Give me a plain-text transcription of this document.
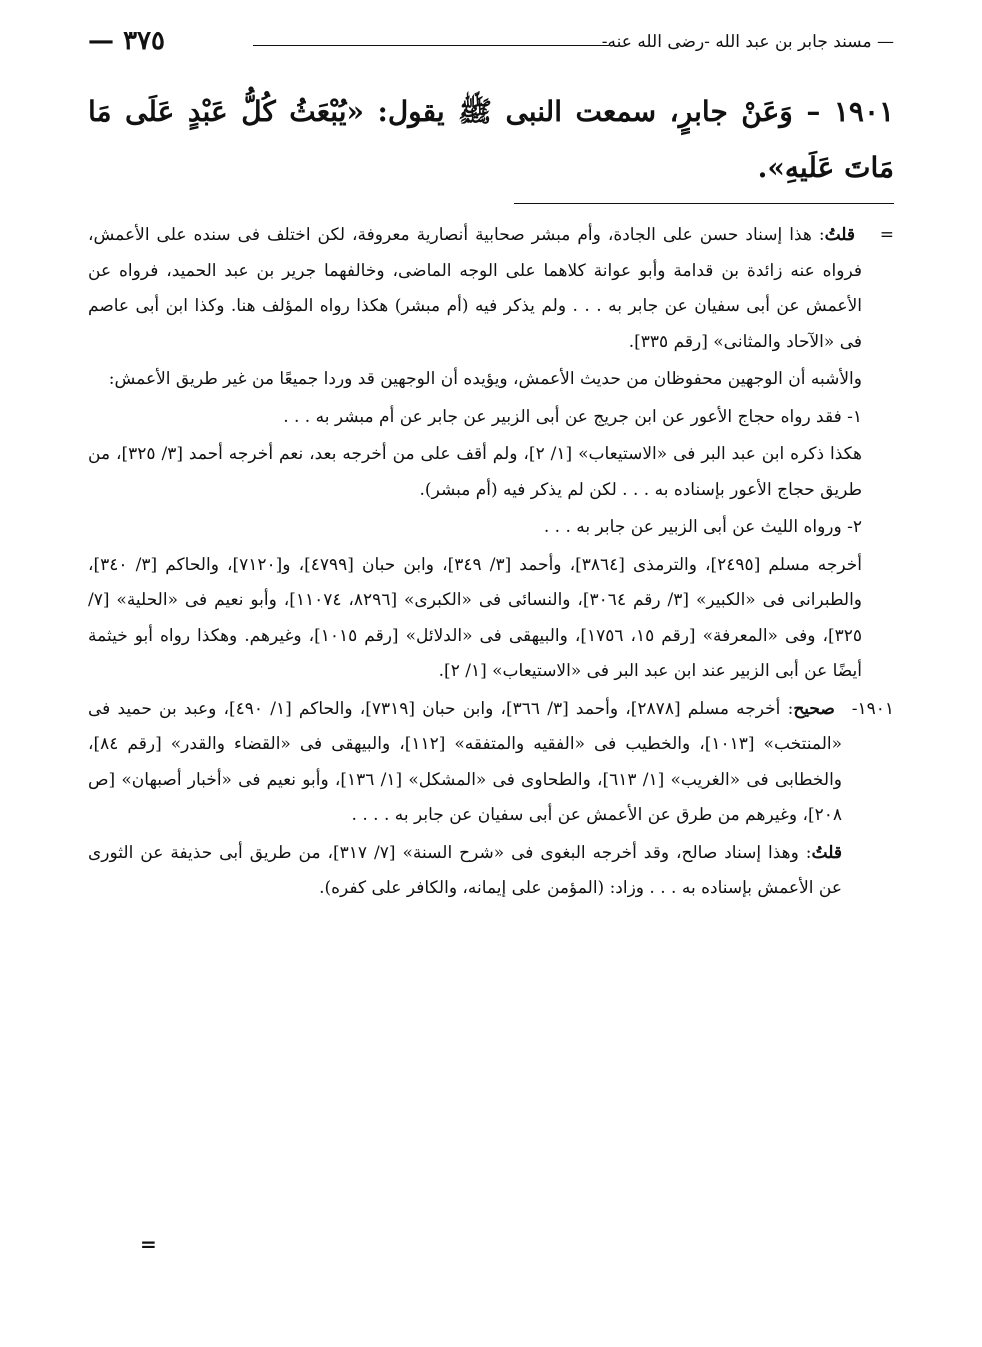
— مسند جابر بن عبد الله -رضى الله عنه-
٣٧٥ —
١٩٠١ – وَعَنْ جابرٍ، سمعت النبى ﷺ يقول: «يُبْعَثُ كُلُّ عَبْدٍ عَلَى مَا مَاتَ عَلَيهِ».

= قلتُ: هذا إسناد حسن على الجادة، وأم مبشر صحابية أنصارية معروفة، لكن اختلف فى سنده على الأعمش، فرواه عنه زائدة بن قدامة وأبو عوانة كلاهما على الوجه الماضى، وخالفهما جرير بن عبد الحميد، فرواه عن الأعمش عن أبى سفيان عن جابر به . . . ولم يذكر فيه (أم مبشر) هكذا رواه المؤلف هنا. وكذا ابن أبى عاصم فى «الآحاد والمثانى» [رقم ٣٣٥].

والأشبه أن الوجهين محفوظان من حديث الأعمش، ويؤيده أن الوجهين قد وردا جميعًا من غير طريق الأعمش:

١- فقد رواه حجاج الأعور عن ابن جريج عن أبى الزبير عن جابر عن أم مبشر به . . .

هكذا ذكره ابن عبد البر فى «الاستيعاب» [١/ ٢]، ولم أقف على من أخرجه بعد، نعم أخرجه أحمد [٣/ ٣٢٥]، من طريق حجاج الأعور بإسناده به . . . لكن لم يذكر فيه (أم مبشر).

٢- ورواه الليث عن أبى الزبير عن جابر به . . .

أخرجه مسلم [٢٤٩٥]، والترمذى [٣٨٦٤]، وأحمد [٣/ ٣٤٩]، وابن حبان [٤٧٩٩]، و[٧١٢٠]، والحاكم [٣/ ٣٤٠]، والطبرانى فى «الكبير» [٣/ رقم ٣٠٦٤]، والنسائى فى «الكبرى» [٨٢٩٦، ١١٠٧٤]، وأبو نعيم فى «الحلية» [٧/ ٣٢٥]، وفى «المعرفة» [رقم ١٥، ١٧٥٦]، والبيهقى فى «الدلائل» [رقم ١٠١٥]، وغيرهم. وهكذا رواه أبو خيثمة أيضًا عن أبى الزبير عند ابن عبد البر فى «الاستيعاب» [١/ ٢].

١٩٠١- صحيح: أخرجه مسلم [٢٨٧٨]، وأحمد [٣/ ٣٦٦]، وابن حبان [٧٣١٩]، والحاكم [١/ ٤٩٠]، وعبد بن حميد فى «المنتخب» [١٠١٣]، والخطيب فى «الفقيه والمتفقه» [١١٢]، والبيهقى فى «القضاء والقدر» [رقم ٨٤]، والخطابى فى «الغريب» [١/ ٦١٣]، والطحاوى فى «المشكل» [١/ ١٣٦]، وأبو نعيم فى «أخبار أصبهان» [ص ٢٠٨]، وغيرهم من طرق عن الأعمش عن أبى سفيان عن جابر به . . . .

قلتُ: وهذا إسناد صالح، وقد أخرجه البغوى فى «شرح السنة» [٧/ ٣١٧]، من طريق أبى حذيفة عن الثورى عن الأعمش بإسناده به . . . وزاد: (المؤمن على إيمانه، والكافر على كفره).

=
